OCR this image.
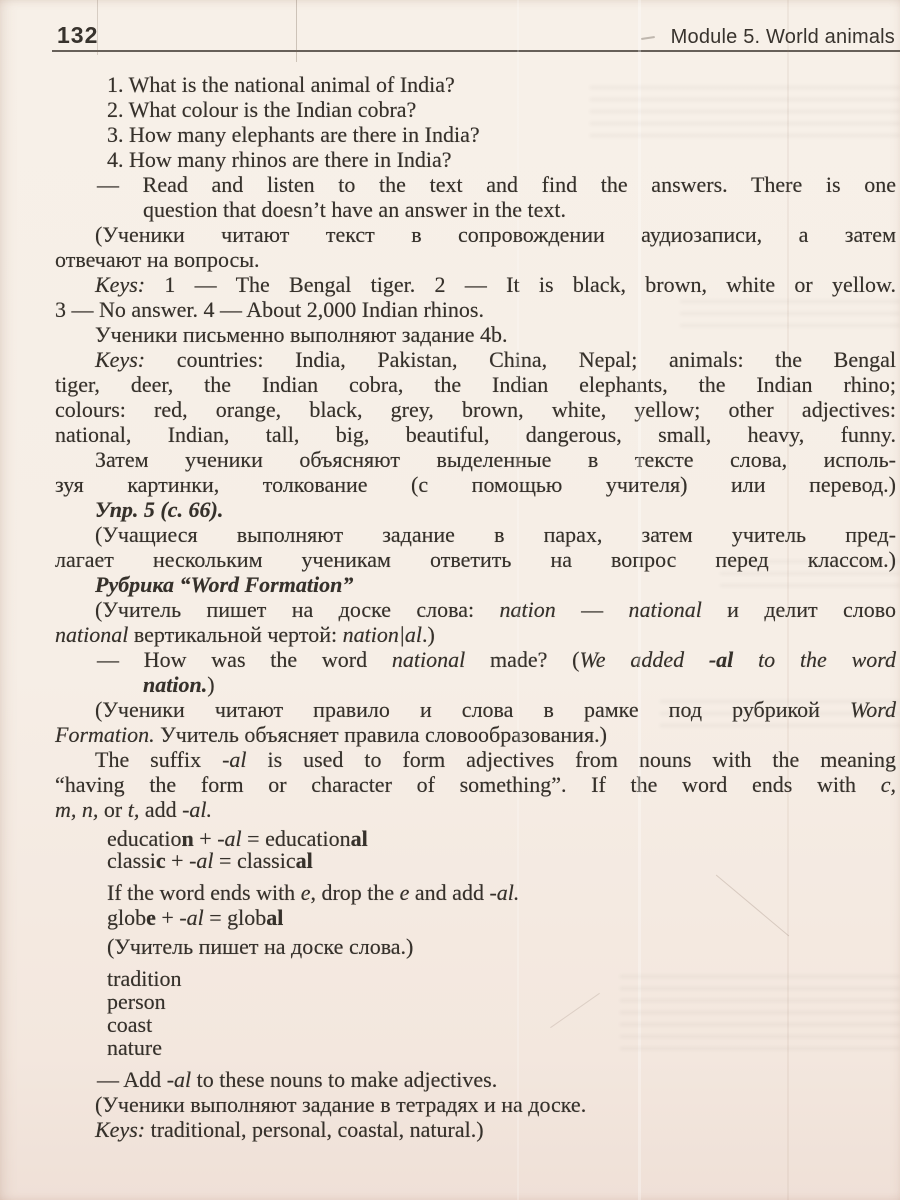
132	Module 5. World animals
1. What is the national animal of India?
2. What colour is the Indian cobra?
3. How many elephants are there in India?
4. How many rhinos are there in India?
— Read and listen to the text and find the answers. There is one
question that doesn’t have an answer in the text.
(Ученики читают текст в сопровождении аудиозаписи, а затем
отвечают на вопросы.
Keys: 1 — The Bengal tiger. 2 — It is black, brown, white or yellow.
3 — No answer. 4 — About 2,000 Indian rhinos.
Ученики письменно выполняют задание 4b.
Keys: countries: India, Pakistan, China, Nepal; animals: the Bengal
tiger, deer, the Indian cobra, the Indian elephants, the Indian rhino;
colours: red, orange, black, grey, brown, white, yellow; other adjectives:
national, Indian, tall, big, beautiful, dangerous, small, heavy, funny.
Затем ученики объясняют выделенные в тексте слова, исполь-
зуя картинки, толкование (с помощью учителя) или перевод.)
Упр. 5 (с. 66).
(Учащиеся выполняют задание в парах, затем учитель пред-
лагает нескольким ученикам ответить на вопрос перед классом.)
Рубрика “Word Formation”
(Учитель пишет на доске слова: nation — national и делит слово
national вертикальной чертой: nation|al.)
— How was the word national made? (We added -al to the word
nation.)
(Ученики читают правило и слова в рамке под рубрикой Word
Formation. Учитель объясняет правила словообразования.)
The suffix -al is used to form adjectives from nouns with the meaning
“having the form or character of something”. If the word ends with c,
m, n, or t, add -al.
education + -al = educational
classic + -al = classical
If the word ends with e, drop the e and add -al.
globe + -al = global
(Учитель пишет на доске слова.)
tradition
person
coast
nature
— Add -al to these nouns to make adjectives.
(Ученики выполняют задание в тетрадях и на доске.
Keys: traditional, personal, coastal, natural.)
